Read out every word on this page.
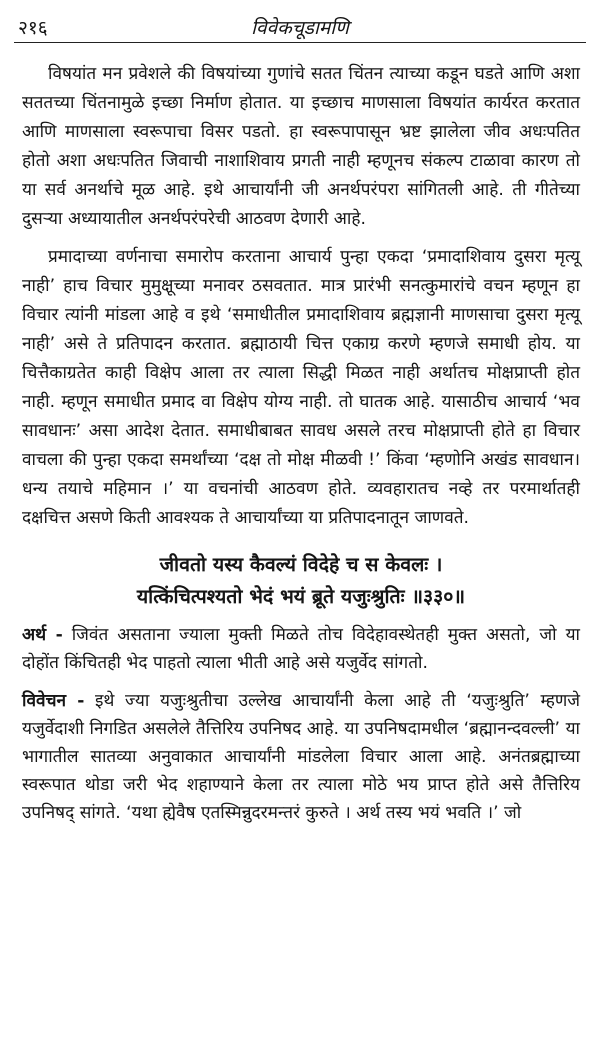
२१६	विवेकचूडामणि

विषयांत मन प्रवेशले की विषयांच्या गुणांचे सतत चिंतन त्याच्या कडून घडते आणि अशा सततच्या चिंतनामुळे इच्छा निर्माण होतात. या इच्छाच माणसाला विषयांत कार्यरत करतात आणि माणसाला स्वरूपाचा विसर पडतो. हा स्वरूपापासून भ्रष्ट झालेला जीव अधःपतित होतो अशा अधःपतित जिवाची नाशाशिवाय प्रगती नाही म्हणूनच संकल्प टाळावा कारण तो या सर्व अनर्थाचे मूळ आहे. इथे आचार्यांनी जी अनर्थपरंपरा सांगितली आहे. ती गीतेच्या दुसऱ्या अध्यायातील अनर्थपरंपरेची आठवण देणारी आहे.

प्रमादाच्या वर्णनाचा समारोप करताना आचार्य पुन्हा एकदा ‘प्रमादाशिवाय दुसरा मृत्यू नाही’ हाच विचार मुमुक्षूच्या मनावर ठसवतात. मात्र प्रारंभी सनत्कुमारांचे वचन म्हणून हा विचार त्यांनी मांडला आहे व इथे ‘समाधीतील प्रमादाशिवाय ब्रह्मज्ञानी माणसाचा दुसरा मृत्यू नाही’ असे ते प्रतिपादन करतात. ब्रह्माठायी चित्त एकाग्र करणे म्हणजे समाधी होय. या चित्तैकाग्रतेत काही विक्षेप आला तर त्याला सिद्धी मिळत नाही अर्थातच मोक्षप्राप्ती होत नाही. म्हणून समाधीत प्रमाद वा विक्षेप योग्य नाही. तो घातक आहे. यासाठीच आचार्य ‘भव सावधानः’ असा आदेश देतात. समाधीबाबत सावध असले तरच मोक्षप्राप्ती होते हा विचार वाचला की पुन्हा एकदा समर्थांच्या ‘दक्ष तो मोक्ष मीळवी !’ किंवा ‘म्हणोनि अखंड सावधान। धन्य तयाचे महिमान ।’ या वचनांची आठवण होते. व्यवहारातच नव्हे तर परमार्थातही दक्षचित्त असणे किती आवश्यक ते आचार्यांच्या या प्रतिपादनातून जाणवते.

जीवतो यस्य कैवल्यं विदेहे च स केवलः ।
यत्किंचित्पश्यतो भेदं भयं ब्रूते यजुःश्रुतिः ॥३३०॥

अर्थ - जिवंत असताना ज्याला मुक्ती मिळते तोच विदेहावस्थेतही मुक्त असतो, जो या दोहोंत किंचितही भेद पाहतो त्याला भीती आहे असे यजुर्वेद सांगतो.

विवेचन - इथे ज्या यजुःश्रुतीचा उल्लेख आचार्यांनी केला आहे ती ‘यजुःश्रुति’ म्हणजे यजुर्वेदाशी निगडित असलेले तैत्तिरिय उपनिषद आहे. या उपनिषदामधील ‘ब्रह्मानन्दवल्ली’ या भागातील सातव्या अनुवाकात आचार्यांनी मांडलेला विचार आला आहे. अनंतब्रह्माच्या स्वरूपात थोडा जरी भेद शहाण्याने केला तर त्याला मोठे भय प्राप्त होते असे तैत्तिरिय उपनिषद् सांगते. ‘यथा ह्येवैष एतस्मिन्नुदरमन्तरं कुरुते । अर्थ तस्य भयं भवति ।’ जो
